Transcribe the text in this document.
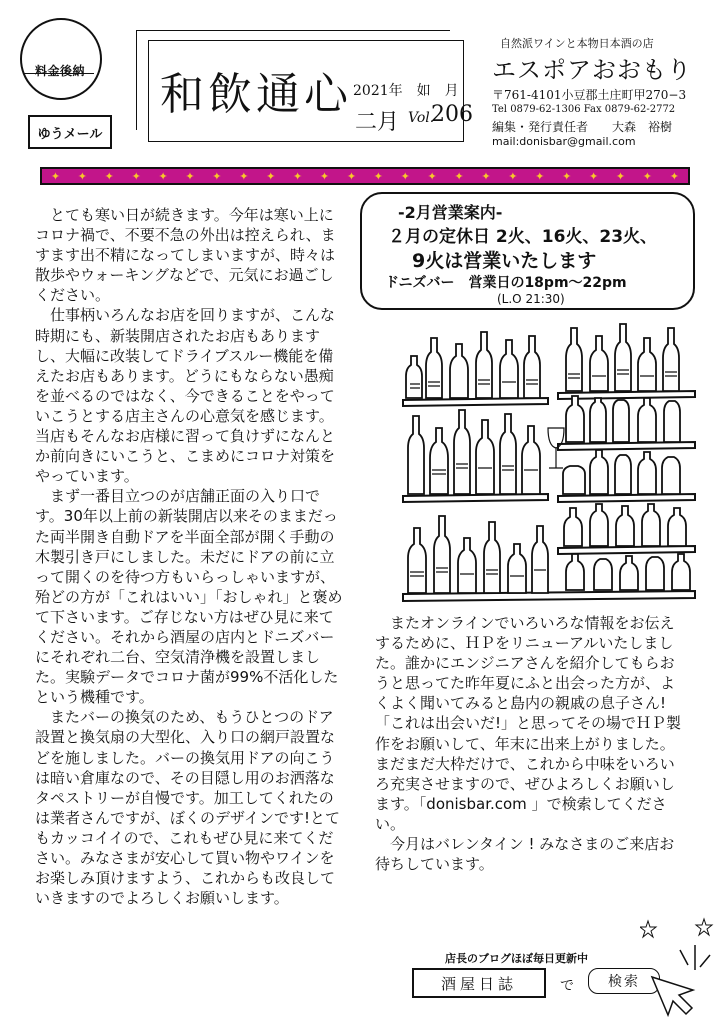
料金後納
ゆうメール
和飲通心 2021年　如　月
二月 Vol.
206
自然派ワインと本物日本酒の店
エスポアおおもり
〒761-4101小豆郡土庄町甲270−3
Tel 0879-62-1306 Fax 0879-62-2772
編集・発行責任者　　大森　裕樹
mail:donisbar@gmail.com
✦ ✦ ✦ ✦ ✦ ✦ ✦ ✦ ✦ ✦ ✦ ✦ ✦ ✦ ✦ ✦ ✦ ✦ ✦ ✦ ✦ ✦ ✦ ✦
-2月営業案内-
２月の定休日 2火、16火、23火、
9火は営業いたします
ドニズバー　営業日の18pm〜22pm
(L.O 21:30)

とても寒い日が続きます。今年は寒い上にコロナ禍で、不要不急の外出は控えられ、ますます出不精になってしまいますが、時々は散歩やウォーキングなどで、元気にお過ごしください。

仕事柄いろんなお店を回りますが、こんな時期にも、新装開店されたお店もありますし、大幅に改装してドライブスルー機能を備えたお店もあります。どうにもならない愚痴を並べるのではなく、今できることをやっていこうとする店主さんの心意気を感じます。当店もそんなお店様に習って負けずになんとか前向きにいこうと、こまめにコロナ対策をやっています。

まず一番目立つのが店舗正面の入り口です。30年以上前の新装開店以来そのままだった両半開き自動ドアを半面全部が開く手動の木製引き戸にしました。未だにドアの前に立って開くのを待つ方もいらっしゃいますが、殆どの方が「これはいい」「おしゃれ」と褒めて下さいます。ご存じない方はぜひ見に来てください。それから酒屋の店内とドニズバーにそれぞれ二台、空気清浄機を設置しました。実験データでコロナ菌が99%不活化したという機種です。

またバーの換気のため、もうひとつのドア設置と換気扇の大型化、入り口の網戸設置などを施しました。バーの換気用ドアの向こうは暗い倉庫なので、その目隠し用のお洒落なタペストリーが自慢です。加工してくれたのは業者さんですが、ぼくのデザインです!とてもカッコイイので、これもぜひ見に来てください。みなさまが安心して買い物やワインをお楽しみ頂けますよう、これからも改良していきますのでよろしくお願いします。

またオンラインでいろいろな情報をお伝えするために、ＨＰをリニューアルいたしました。誰かにエンジニアさんを紹介してもらおうと思ってた昨年夏にふと出会った方が、よくよく聞いてみると島内の親戚の息子さん!「これは出会いだ!」と思ってその場でＨＰ製作をお願いして、年末に出来上がりました。まだまだ大枠だけで、これから中味をいろいろ充実させますので、ぜひよろしくお願いします。「donisbar.com 」で検索してください。

今月はバレンタイン ! みなさまのご来店お待ちしています。

店長のブログほぼ毎日更新中
酒屋日誌	で 検索
